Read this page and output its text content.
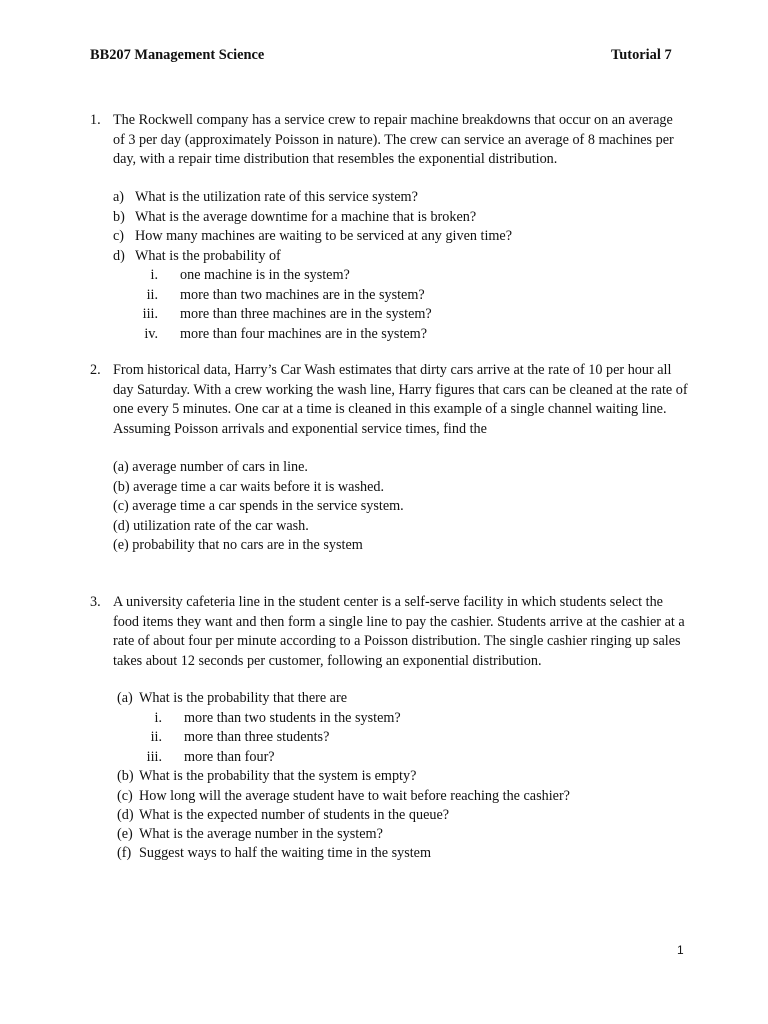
BB207 Management Science	Tutorial 7
1. The Rockwell company has a service crew to repair machine breakdowns that occur on an average of 3 per day (approximately Poisson in nature). The crew can service an average of 8 machines per day, with a repair time distribution that resembles the exponential distribution.
a) What is the utilization rate of this service system?
b) What is the average downtime for a machine that is broken?
c) How many machines are waiting to be serviced at any given time?
d) What is the probability of
i. one machine is in the system?
ii. more than two machines are in the system?
iii. more than three machines are in the system?
iv. more than four machines are in the system?
2. From historical data, Harry’s Car Wash estimates that dirty cars arrive at the rate of 10 per hour all day Saturday. With a crew working the wash line, Harry figures that cars can be cleaned at the rate of one every 5 minutes. One car at a time is cleaned in this example of a single channel waiting line. Assuming Poisson arrivals and exponential service times, find the
(a) average number of cars in line.
(b) average time a car waits before it is washed.
(c) average time a car spends in the service system.
(d) utilization rate of the car wash.
(e) probability that no cars are in the system
3. A university cafeteria line in the student center is a self-serve facility in which students select the food items they want and then form a single line to pay the cashier. Students arrive at the cashier at a rate of about four per minute according to a Poisson distribution. The single cashier ringing up sales takes about 12 seconds per customer, following an exponential distribution.
(a) What is the probability that there are
i. more than two students in the system?
ii. more than three students?
iii. more than four?
(b) What is the probability that the system is empty?
(c) How long will the average student have to wait before reaching the cashier?
(d) What is the expected number of students in the queue?
(e) What is the average number in the system?
(f) Suggest ways to half the waiting time in the system
1
